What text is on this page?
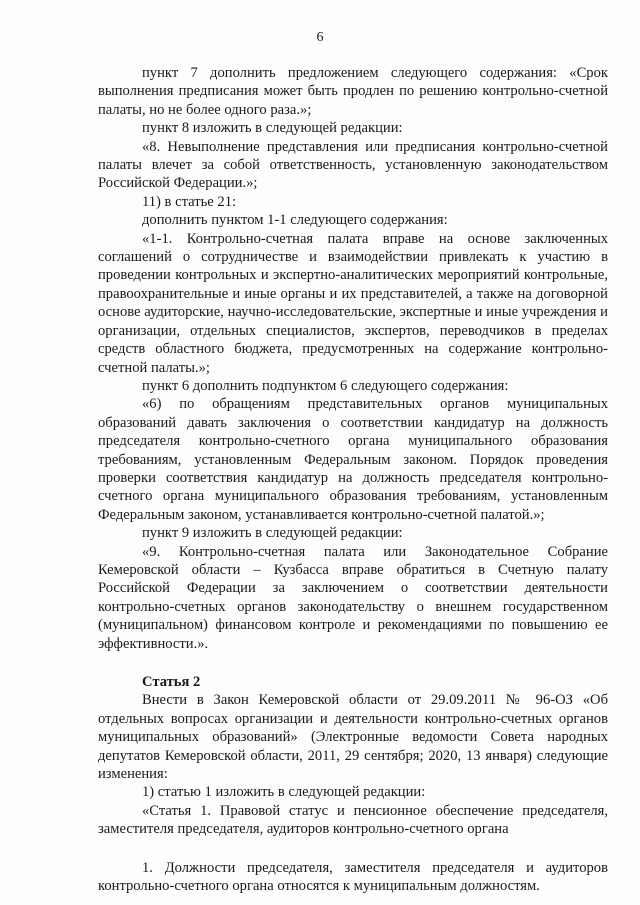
6

пункт 7 дополнить предложением следующего содержания: «Срок выполнения предписания может быть продлен по решению контрольно-счетной палаты, но не более одного раза.»;

пункт 8 изложить в следующей редакции:

«8. Невыполнение представления или предписания контрольно-счетной палаты влечет за собой ответственность, установленную законодательством Российской Федерации.»;

11) в статье 21:

дополнить пунктом 1-1 следующего содержания:

«1-1. Контрольно-счетная палата вправе на основе заключенных соглашений о сотрудничестве и взаимодействии привлекать к участию в проведении контрольных и экспертно-аналитических мероприятий контрольные, правоохранительные и иные органы и их представителей, а также на договорной основе аудиторские, научно-исследовательские, экспертные и иные учреждения и организации, отдельных специалистов, экспертов, переводчиков в пределах средств областного бюджета, предусмотренных на содержание контрольно-счетной палаты.»;

пункт 6 дополнить подпунктом 6 следующего содержания:

«6) по обращениям представительных органов муниципальных образований давать заключения о соответствии кандидатур на должность председателя контрольно-счетного органа муниципального образования требованиям, установленным Федеральным законом. Порядок проведения проверки соответствия кандидатур на должность председателя контрольно-счетного органа муниципального образования требованиям, установленным Федеральным законом, устанавливается контрольно-счетной палатой.»;

пункт 9 изложить в следующей редакции:

«9. Контрольно-счетная палата или Законодательное Собрание Кемеровской области – Кузбасса вправе обратиться в Счетную палату Российской Федерации за заключением о соответствии деятельности контрольно-счетных органов законодательству о внешнем государственном (муниципальном) финансовом контроле и рекомендациями по повышению ее эффективности.».

Статья 2

Внести в Закон Кемеровской области от 29.09.2011 № 96-ОЗ «Об отдельных вопросах организации и деятельности контрольно-счетных органов муниципальных образований» (Электронные ведомости Совета народных депутатов Кемеровской области, 2011, 29 сентября; 2020, 13 января) следующие изменения:

1) статью 1 изложить в следующей редакции:

«Статья 1. Правовой статус и пенсионное обеспечение председателя, заместителя председателя, аудиторов контрольно-счетного органа

1. Должности председателя, заместителя председателя и аудиторов контрольно-счетного органа относятся к муниципальным должностям.
